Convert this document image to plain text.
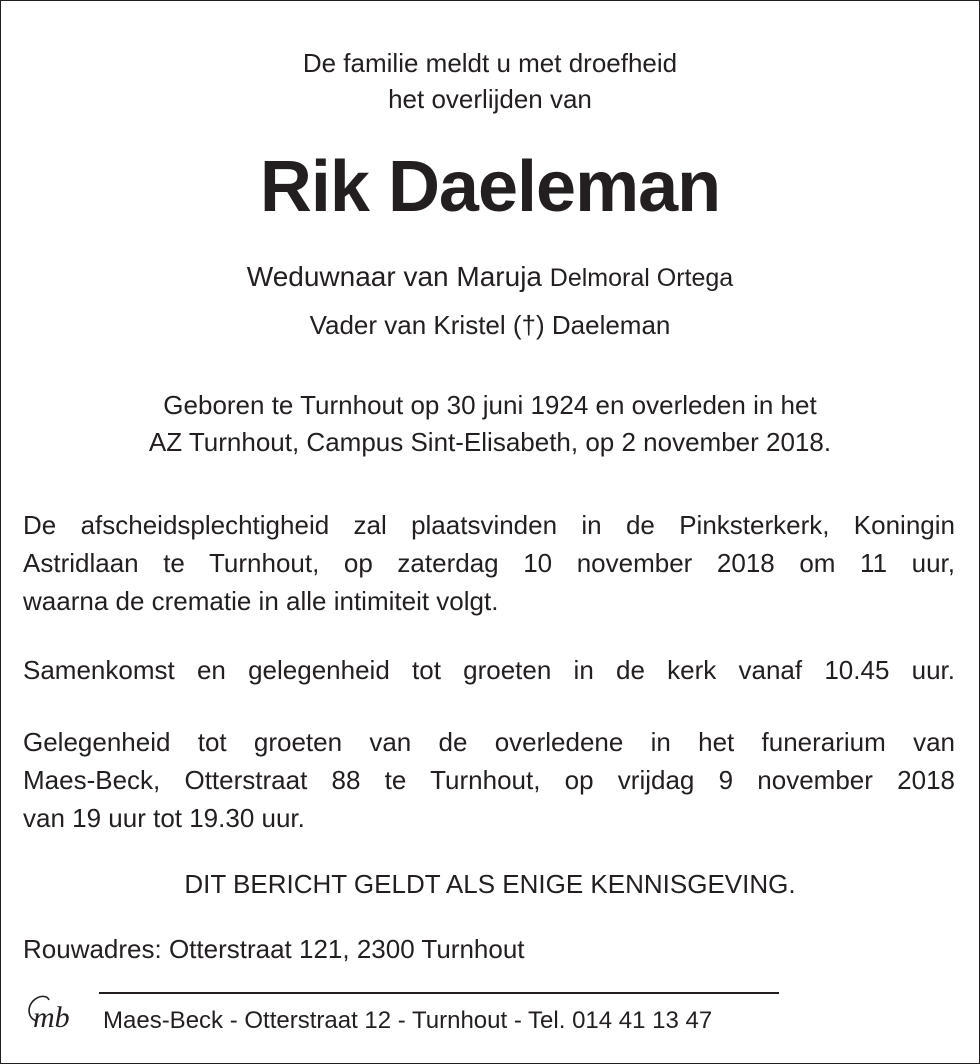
De familie meldt u met droefheid
het overlijden van
Rik Daeleman
Weduwnaar van Maruja Delmoral Ortega
Vader van Kristel (†) Daeleman
Geboren te Turnhout op 30 juni 1924 en overleden in het
AZ Turnhout, Campus Sint-Elisabeth, op 2 november 2018.
De afscheidsplechtigheid zal plaatsvinden in de Pinksterkerk, Koningin
Astridlaan te Turnhout, op zaterdag 10 november 2018 om 11 uur,
waarna de crematie in alle intimiteit volgt.
Samenkomst en gelegenheid tot groeten in de kerk vanaf 10.45 uur.
Gelegenheid tot groeten van de overledene in het funerarium van
Maes-Beck, Otterstraat 88 te Turnhout, op vrijdag 9 november 2018
van 19 uur tot 19.30 uur.
DIT BERICHT GELDT ALS ENIGE KENNISGEVING.
Rouwadres: Otterstraat 121, 2300 Turnhout
mb Maes-Beck - Otterstraat 12 - Turnhout - Tel. 014 41 13 47
